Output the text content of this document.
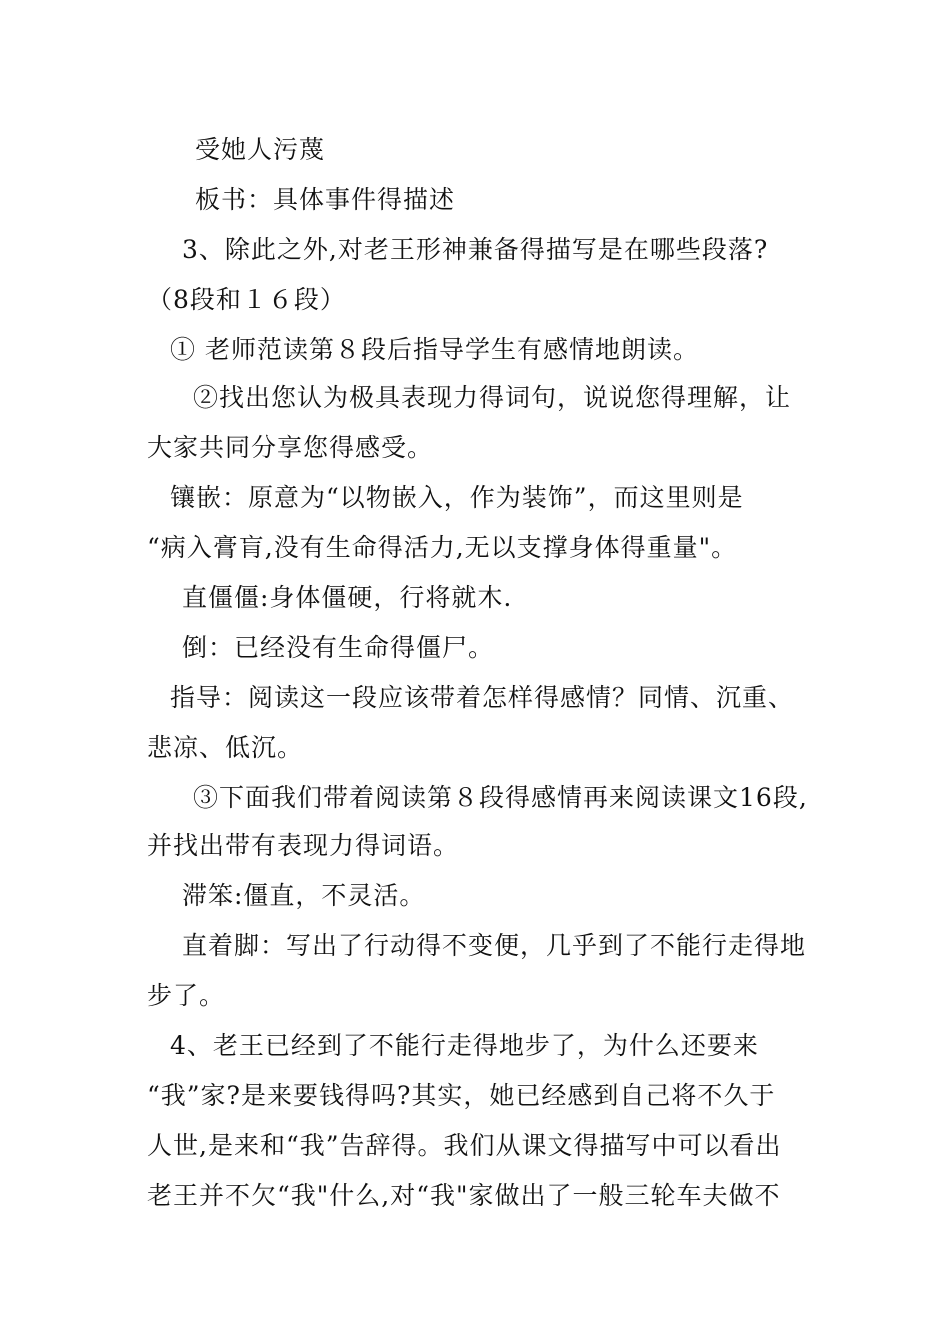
受她人污蔑
板书：具体事件得描述
3、除此之外,对老王形神兼备得描写是在哪些段落?
（8段和１６段）
① 老师范读第８段后指导学生有感情地朗读。
②找出您认为极具表现力得词句，说说您得理解，让
大家共同分享您得感受。
镶嵌：原意为“以物嵌入，作为装饰”，而这里则是
“病入膏肓,没有生命得活力,无以支撑身体得重量"。
直僵僵:身体僵硬，行将就木.
倒：已经没有生命得僵尸。
指导：阅读这一段应该带着怎样得感情？同情、沉重、
悲凉、低沉。
③下面我们带着阅读第８段得感情再来阅读课文16段,
并找出带有表现力得词语。
滞笨:僵直，不灵活。
直着脚：写出了行动得不变便，几乎到了不能行走得地
步了。
4、老王已经到了不能行走得地步了，为什么还要来
“我”家?是来要钱得吗?其实，她已经感到自己将不久于
人世,是来和“我”告辞得。我们从课文得描写中可以看出
老王并不欠“我"什么,对“我"家做出了一般三轮车夫做不
